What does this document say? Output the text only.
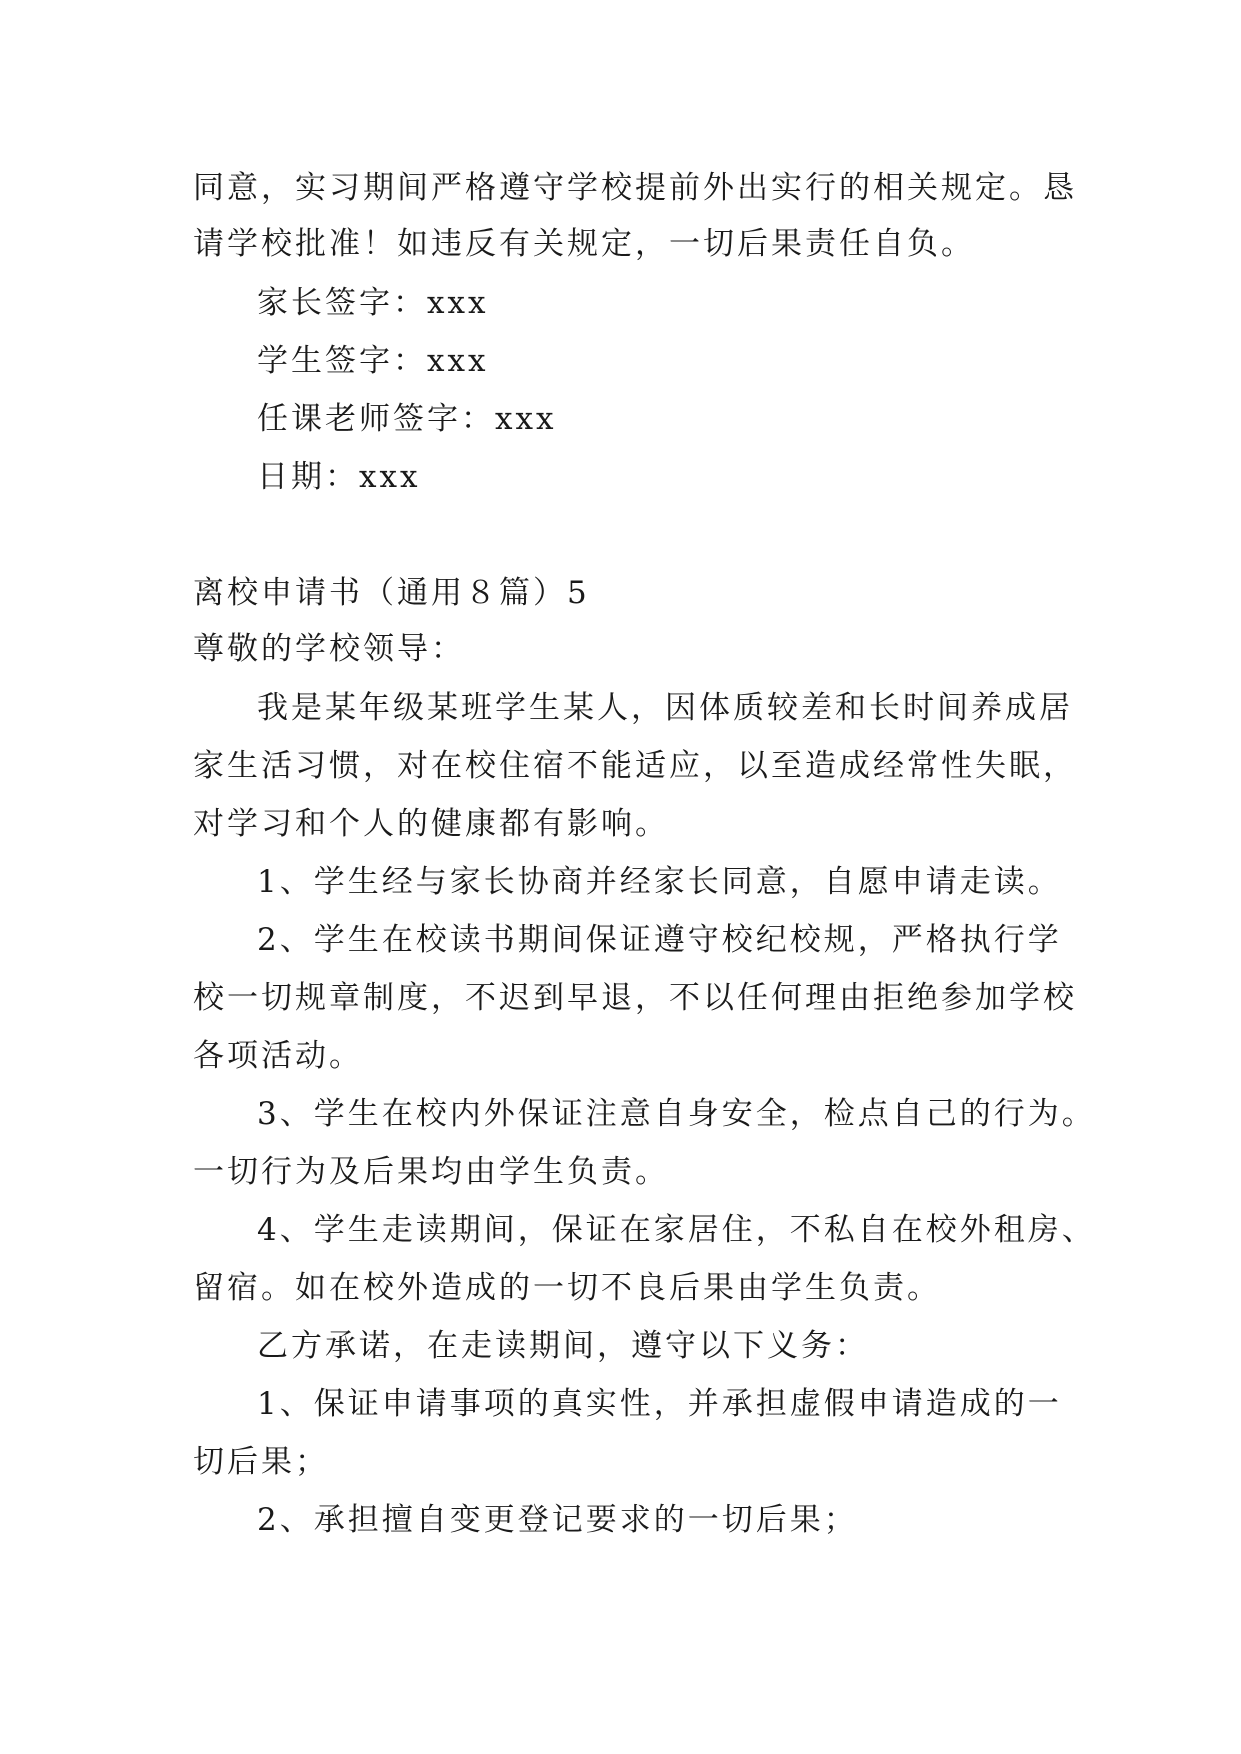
同意，实习期间严格遵守学校提前外出实行的相关规定。恳
请学校批准！如违反有关规定，一切后果责任自负。
家长签字：xxx
学生签字：xxx
任课老师签字：xxx
日期：xxx
离校申请书（通用８篇）5
尊敬的学校领导：
我是某年级某班学生某人，因体质较差和长时间养成居
家生活习惯，对在校住宿不能适应，以至造成经常性失眠，
对学习和个人的健康都有影响。
1、学生经与家长协商并经家长同意，自愿申请走读。
2、学生在校读书期间保证遵守校纪校规，严格执行学
校一切规章制度，不迟到早退，不以任何理由拒绝参加学校
各项活动。
3、学生在校内外保证注意自身安全，检点自己的行为。
一切行为及后果均由学生负责。
4、学生走读期间，保证在家居住，不私自在校外租房、
留宿。如在校外造成的一切不良后果由学生负责。
乙方承诺，在走读期间，遵守以下义务：
1、保证申请事项的真实性，并承担虚假申请造成的一
切后果；
2、承担擅自变更登记要求的一切后果；
